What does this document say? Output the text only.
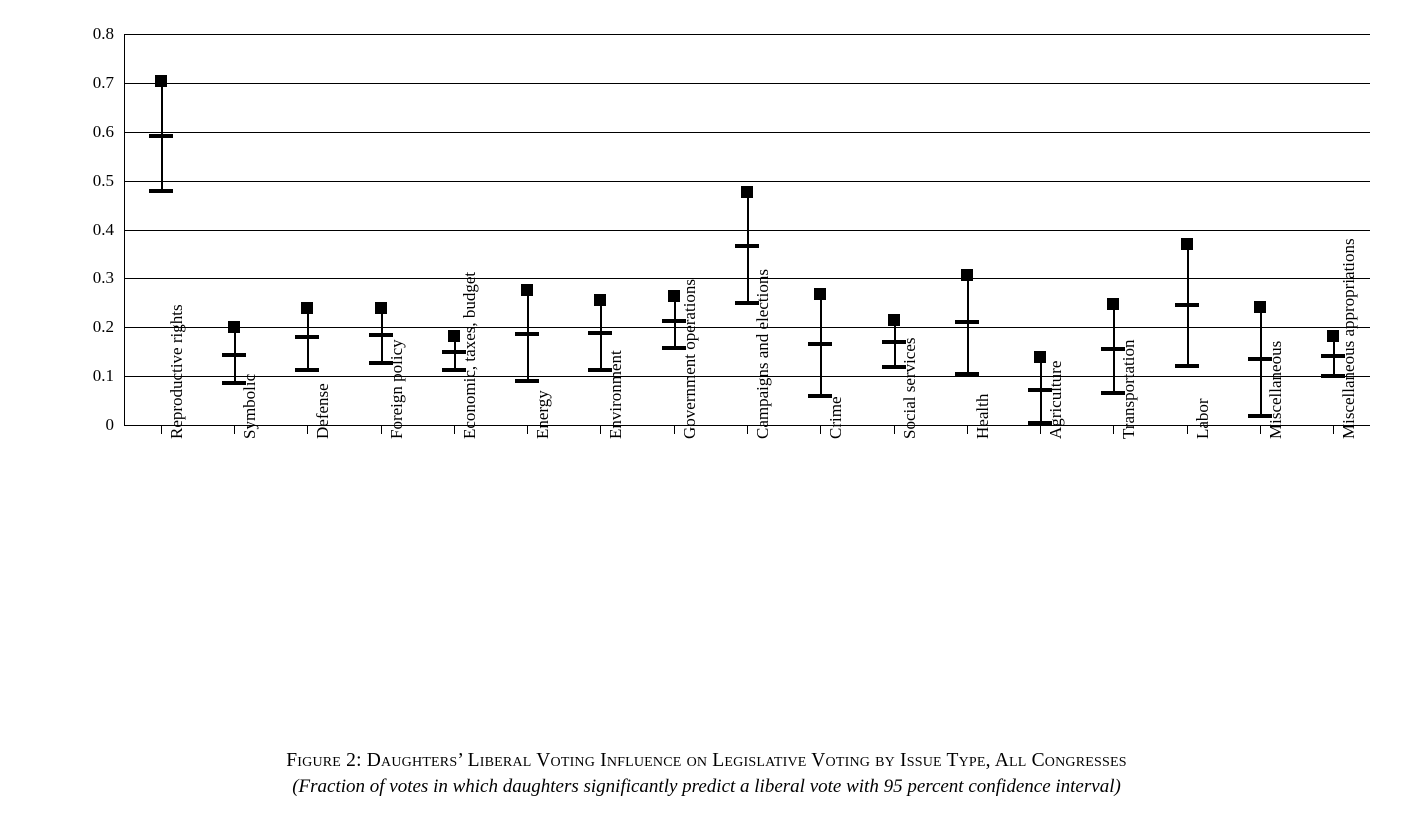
Figure 2: Daughters’ Liberal Voting Influence on Legislative Voting by Issue Type, All Congresses
(Fraction of votes in which daughters significantly predict a liberal vote with 95 percent confidence interval)
0
0.1
0.2
0.3
0.4
0.5
0.6
0.7
0.8
Reproductive rights	Symbolic	Defense	Foreign policy	Economic, taxes, budget	Energy	Environment	Government operations	Campaigns and elections	Crime	Social services	Health	Agriculture	Transportation	Labor	Miscellaneous	Miscellaneous appropriations
